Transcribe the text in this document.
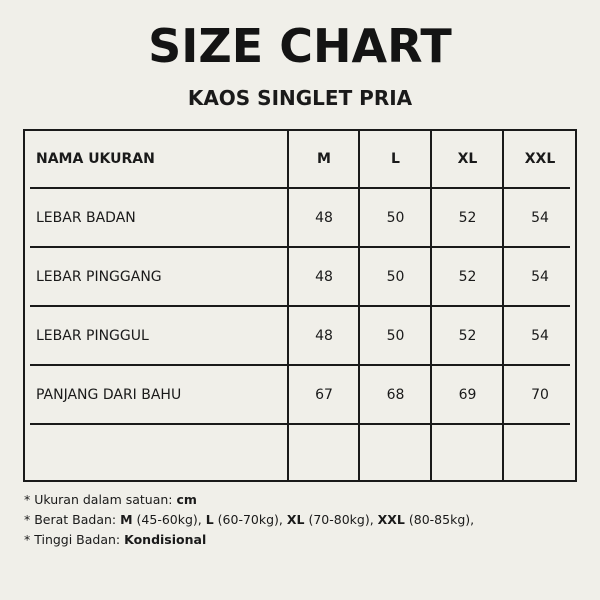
SIZE CHART
KAOS SINGLET PRIA
NAMA UKURAN	M	L	XL	XXL
LEBAR BADAN	48	50	52	54
LEBAR PINGGANG	48	50	52	54
LEBAR PINGGUL	48	50	52	54
PANJANG DARI BAHU	67	68	69	70
* Ukuran dalam satuan: cm
* Berat Badan: M (45-60kg), L (60-70kg), XL (70-80kg), XXL (80-85kg),
* Tinggi Badan: Kondisional
